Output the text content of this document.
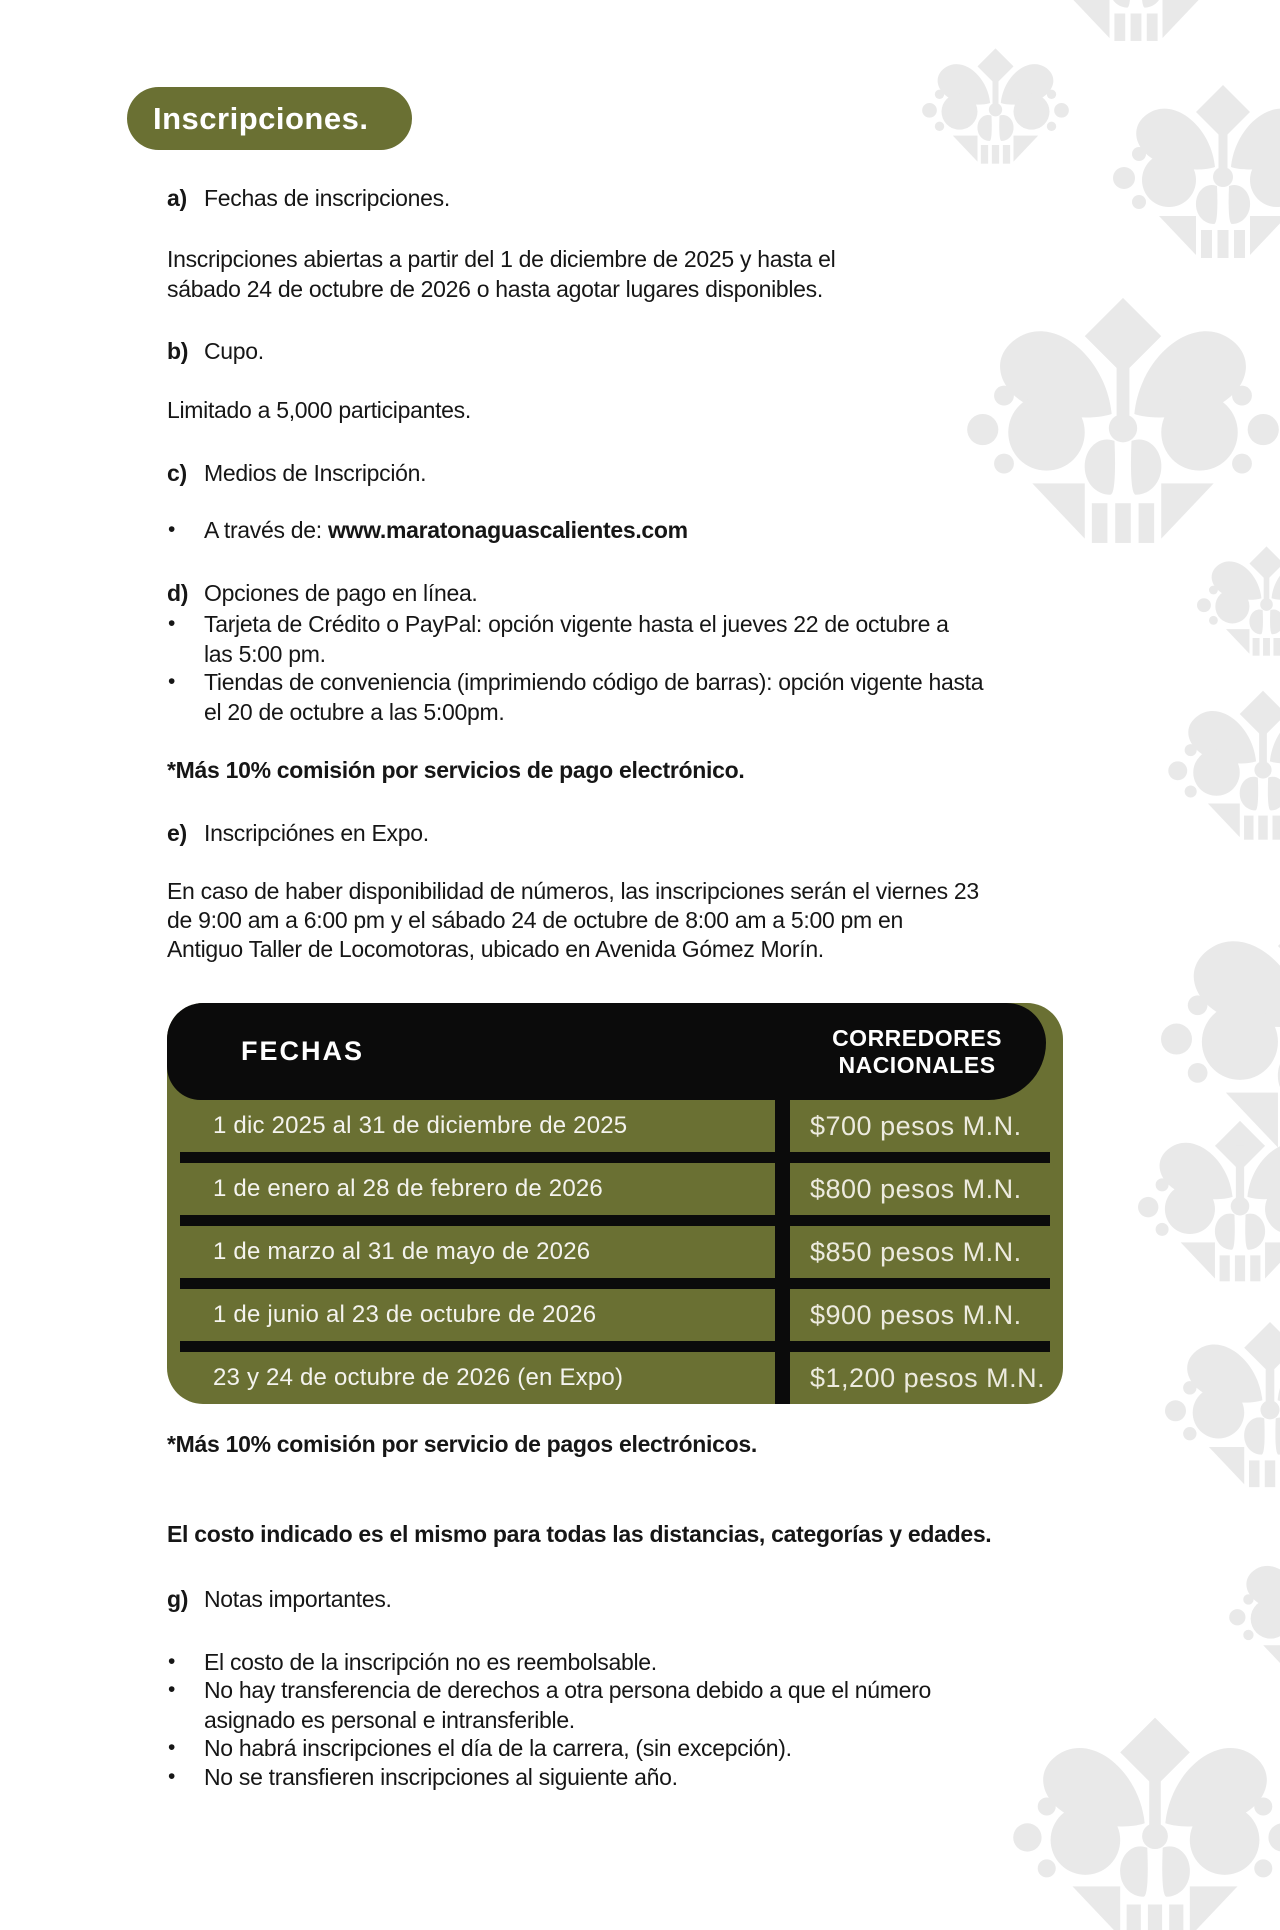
Inscripciones.
a) Fechas de inscripciones.
Inscripciones abiertas a partir del 1 de diciembre de 2025 y hasta el
sábado 24 de octubre de 2026 o hasta agotar lugares disponibles.
b) Cupo.
Limitado a 5,000 participantes.
c) Medios de Inscripción.
•	A través de: www.maratonaguascalientes.com
d) Opciones de pago en línea.
•	Tarjeta de Crédito o PayPal: opción vigente hasta el jueves 22 de octubre a
las 5:00 pm.
•	Tiendas de conveniencia (imprimiendo código de barras): opción vigente hasta
el 20 de octubre a las 5:00pm.
*Más 10% comisión por servicios de pago electrónico.
e) Inscripciónes en Expo.
En caso de haber disponibilidad de números, las inscripciones serán el viernes 23
de 9:00 am a 6:00 pm y el sábado 24 de octubre de 8:00 am a 5:00 pm en
Antiguo Taller de Locomotoras, ubicado en Avenida Gómez Morín.
FECHAS	CORREDORES
NACIONALES
1 dic 2025 al 31 de diciembre de 2025	$700 pesos M.N.
1 de enero al 28 de febrero de 2026	$800 pesos M.N.
1 de marzo al 31 de mayo de 2026	$850 pesos M.N.
1 de junio al 23 de octubre de 2026	$900 pesos M.N.
23 y 24 de octubre de 2026 (en Expo)	$1,200 pesos M.N.
*Más 10% comisión por servicio de pagos electrónicos.
El costo indicado es el mismo para todas las distancias, categorías y edades.
g) Notas importantes.
•	El costo de la inscripción no es reembolsable.
•	No hay transferencia de derechos a otra persona debido a que el número
asignado es personal e intransferible.
•	No habrá inscripciones el día de la carrera, (sin excepción).
•	No se transfieren inscripciones al siguiente año.
